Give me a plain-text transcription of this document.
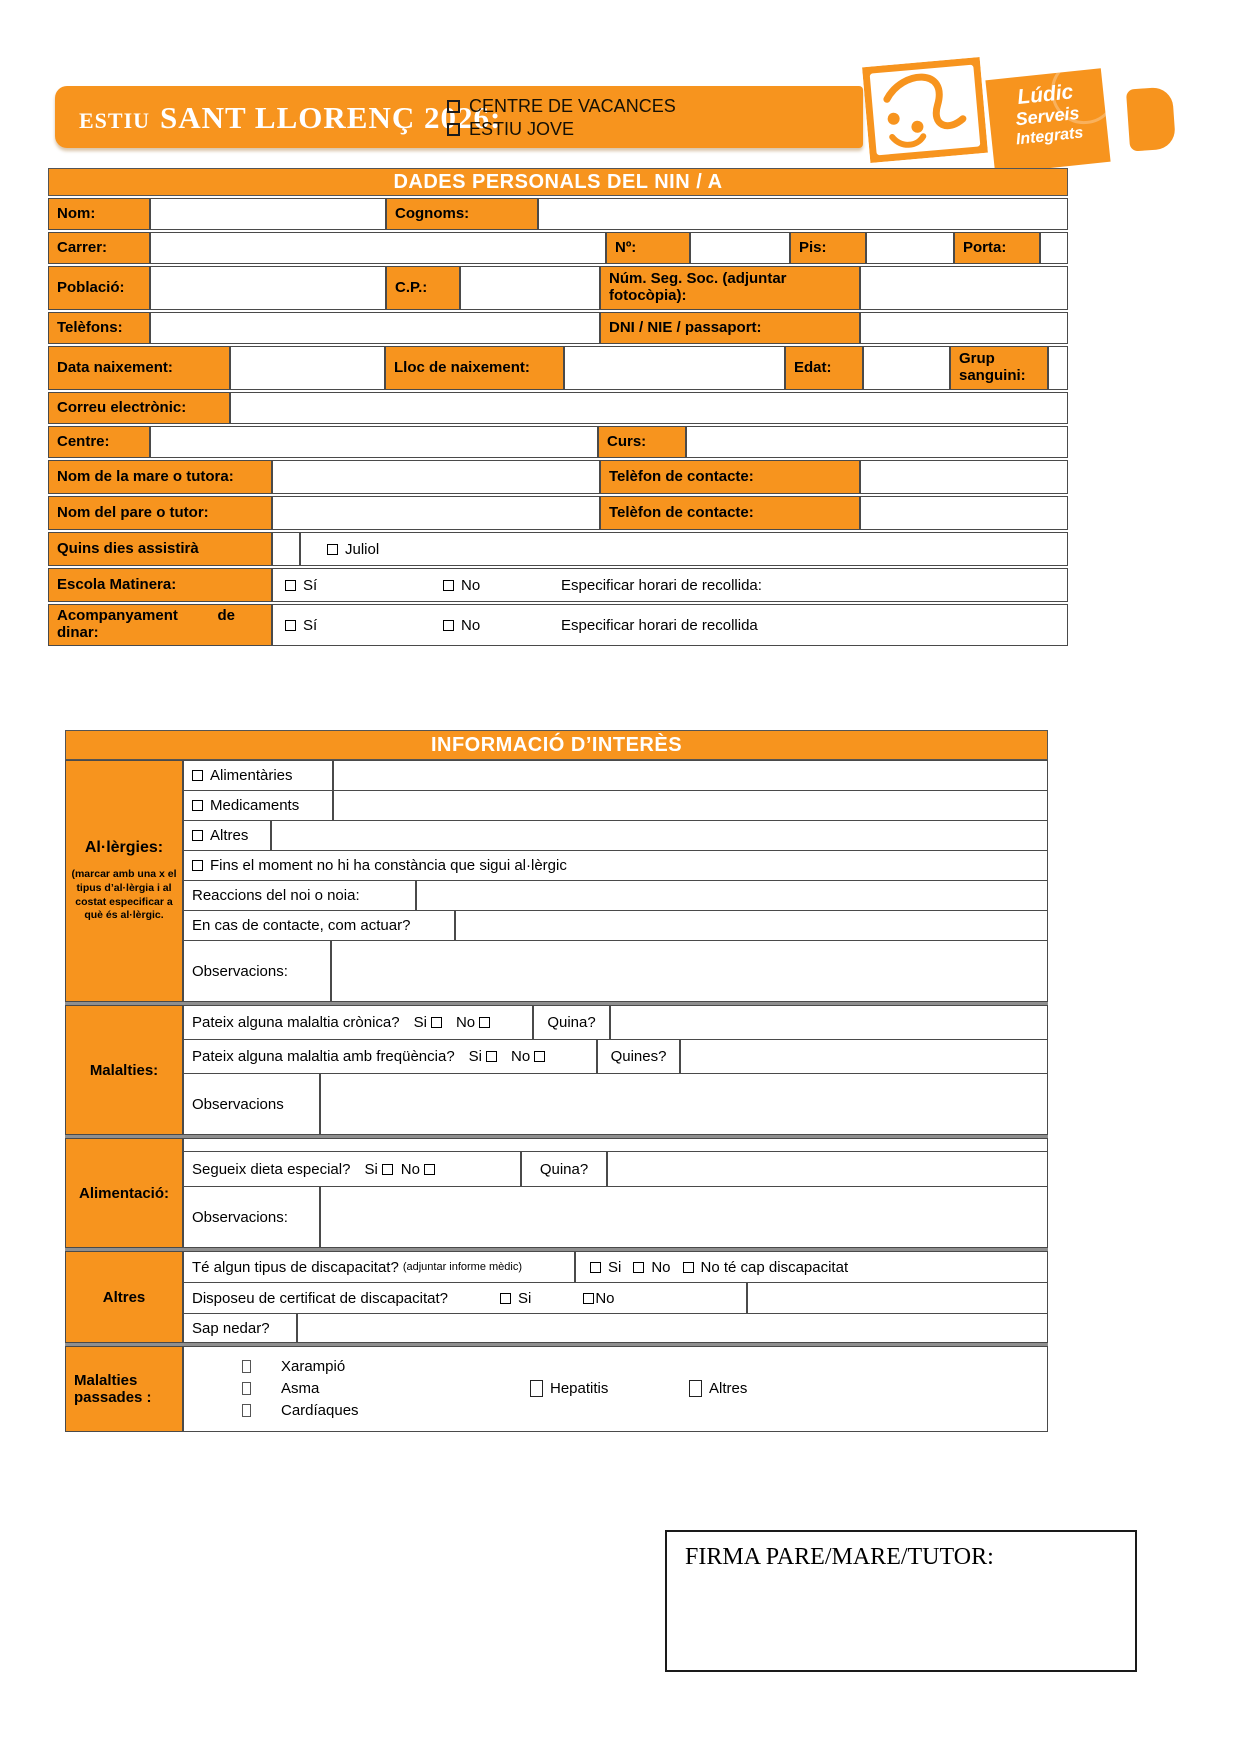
ESTIU SANT LLORENÇ 2026:
CENTRE DE VACANCES
ESTIU JOVE
Lúdic
Serveis
Integrats
DADES PERSONALS DEL NIN / A
Nom:	Cognoms:
Carrer:	Nº:	Pis:	Porta:
Població:	C.P.:	Núm. Seg. Soc. (adjuntar fotocòpia):
Telèfons:	DNI / NIE / passaport:
Data naixement:	Lloc de naixement:	Edat:	Grup sanguini:
Correu electrònic:
Centre:	Curs:
Nom de la mare o tutora:	Telèfon de contacte:
Nom del pare o tutor:	Telèfon de contacte:
Quins dies assistirà	Juliol
Escola Matinera:	Sí	No	Especificar horari de recollida:
Acompanyament de dinar:	Sí	No	Especificar horari de recollida
INFORMACIÓ D’INTERÈS
Al·lèrgies:
(marcar amb una x el tipus d’al·lèrgia i al costat especificar a què és al·lèrgic.
Alimentàries
Medicaments
Altres
Fins el moment no hi ha constància que sigui al·lèrgic
Reaccions del noi o noia:
En cas de contacte, com actuar?
Observacions:
Malalties:
Pateix alguna malaltia crònica? Si No	Quina?
Pateix alguna malaltia amb freqüència? Si No	Quines?
Observacions
Alimentació:
Segueix dieta especial? Si No	Quina?
Observacions:
Altres
Té algun tipus de discapacitat? (adjuntar informe mèdic)	Si No No té cap discapacitat
Disposeu de certificat de discapacitat?	Si	No
Sap nedar?
Malalties passades :
Xarampió
Asma	Hepatitis	Altres
Cardíaques
FIRMA PARE/MARE/TUTOR:
